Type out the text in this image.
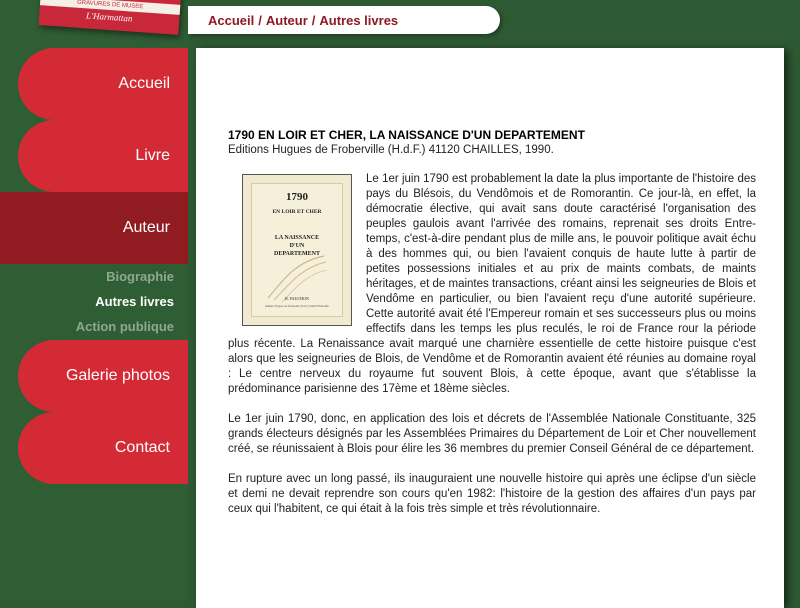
GRAVURES DE MUSEE
L'Harmattan
Accueil
Livre
Auteur
Biographie
Autres livres
Action publique
Galerie photos
Contact
Accueil / Auteur / Autres livres
1790 EN LOIR ET CHER, LA NAISSANCE D'UN DEPARTEMENT
Editions Hugues de Froberville (H.d.F.) 41120 CHAILLES, 1990.
1790
EN LOIR ET CHER
LA NAISSANCE
D'UN
DEPARTEMENT
R. FAUCHON
Editions Hugues de Froberville (H.d.F.) 41120 CHAILLES

Le 1er juin 1790 est probablement la date la plus importante de l'histoire des pays du Blésois, du Vendômois et de Romorantin. Ce jour-là, en effet, la démocratie élective, qui avait sans doute caractérisé l'organisation des peuples gaulois avant l'arrivée des romains, reprenait ses droits Entre-temps, c'est-à-dire pendant plus de mille ans, le pouvoir politique avait échu à des hommes qui, ou bien l'avaient conquis de haute lutte à partir de petites possessions initiales et au prix de maints combats, de maints héritages, et de maintes transactions, créant ainsi les seigneuries de Blois et Vendôme en particulier, ou bien l'avaient reçu d'une autorité supérieure. Cette autorité avait été l'Empereur romain et ses successeurs plus ou moins effectifs dans les temps les plus reculés, le roi de France rour la période plus récente. La Renaissance avait marqué une charnière essentielle de cette histoire puisque c'est alors que les seigneuries de Blois, de Vendôme et de Romorantin avaient été réunies au domaine royal : Le centre nerveux du royaume fut souvent Blois, à cette époque, avant que s'établisse la prédominance parisienne des 17ème et 18ème siècles.

Le 1er juin 1790, donc, en application des lois et décrets de l'Assemblée Nationale Constituante, 325 grands électeurs désignés par les Assemblées Primaires du Département de Loir et Cher nouvellement créé, se réunissaient à Blois pour élire les 36 membres du premier Conseil Général de ce département.

En rupture avec un long passé, ils inauguraient une nouvelle histoire qui après une éclipse d'un siècle et demi ne devait reprendre son cours qu'en 1982: l'histoire de la gestion des affaires d'un pays par ceux qui l'habitent, ce qui était à la fois très simple et très révolutionnaire.
